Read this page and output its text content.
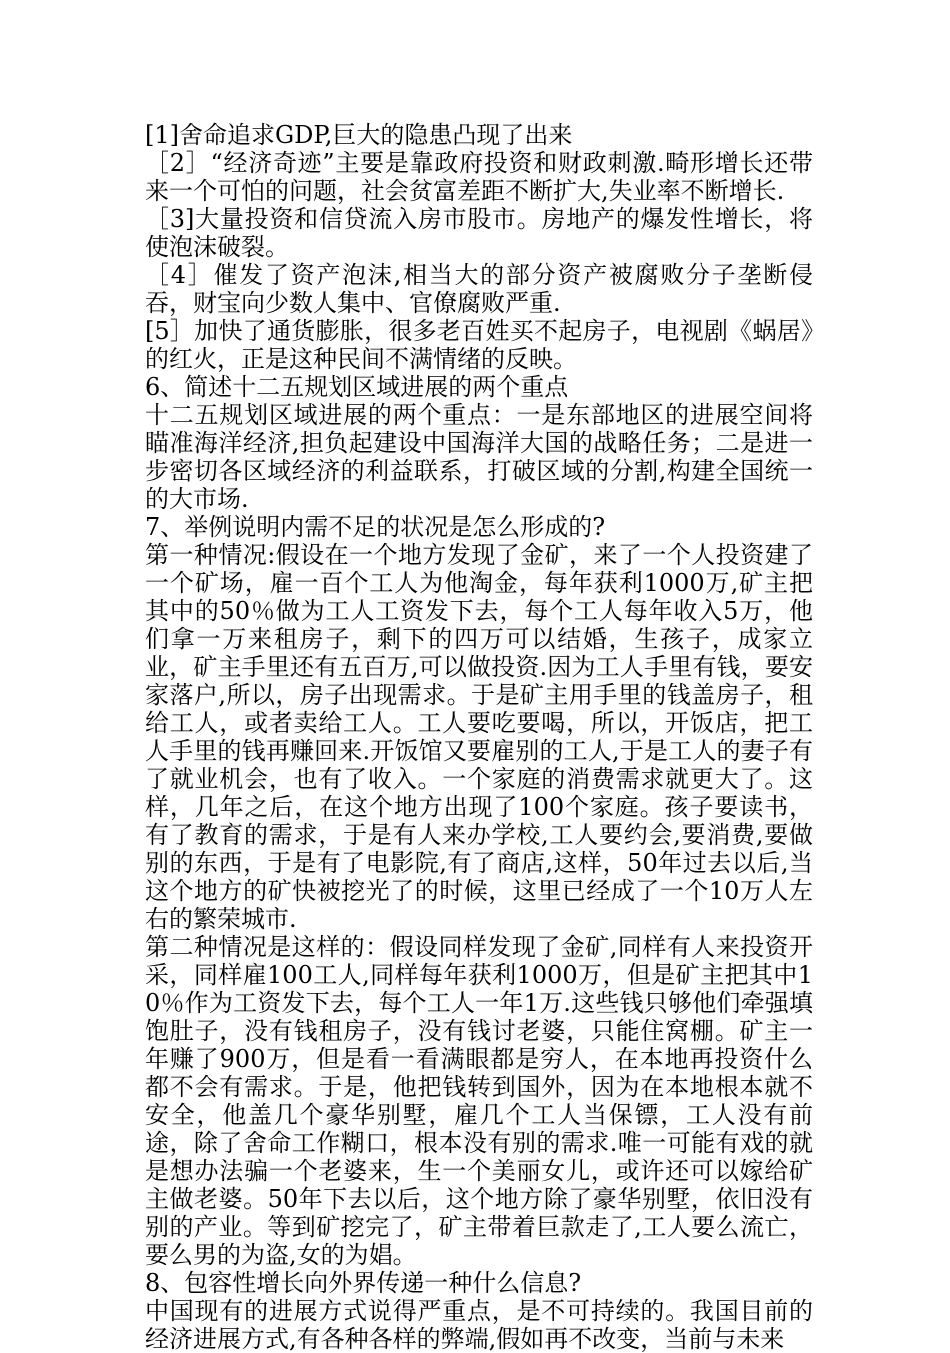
[1]舍命追求GDP,巨大的隐患凸现了出来

［2］“经济奇迹”主要是靠政府投资和财政刺激.畸形增长还带来一个可怕的问题，社会贫富差距不断扩大,失业率不断增长.

［3]大量投资和信贷流入房市股市。房地产的爆发性增长，将使泡沫破裂。

［4］催发了资产泡沫,相当大的部分资产被腐败分子垄断侵吞，财宝向少数人集中、官僚腐败严重.

[5］加快了通货膨胀，很多老百姓买不起房子，电视剧《蜗居》的红火，正是这种民间不满情绪的反映。

6、简述十二五规划区域进展的两个重点

十二五规划区域进展的两个重点：一是东部地区的进展空间将瞄准海洋经济,担负起建设中国海洋大国的战略任务；二是进一步密切各区域经济的利益联系，打破区域的分割,构建全国统一的大市场.

7、举例说明内需不足的状况是怎么形成的?

第一种情况:假设在一个地方发现了金矿，来了一个人投资建了一个矿场，雇一百个工人为他淘金，每年获利1000万,矿主把其中的50％做为工人工资发下去，每个工人每年收入5万，他们拿一万来租房子，剩下的四万可以结婚，生孩子，成家立业，矿主手里还有五百万,可以做投资.因为工人手里有钱，要安家落户,所以，房子出现需求。于是矿主用手里的钱盖房子，租给工人，或者卖给工人。工人要吃要喝，所以，开饭店，把工人手里的钱再赚回来.开饭馆又要雇别的工人,于是工人的妻子有了就业机会，也有了收入。一个家庭的消费需求就更大了。这样，几年之后，在这个地方出现了100个家庭。孩子要读书，有了教育的需求，于是有人来办学校,工人要约会,要消费,要做别的东西，于是有了电影院,有了商店,这样，50年过去以后,当这个地方的矿快被挖光了的时候，这里已经成了一个10万人左右的繁荣城市.

第二种情况是这样的：假设同样发现了金矿,同样有人来投资开采，同样雇100工人,同样每年获利1000万，但是矿主把其中10％作为工资发下去，每个工人一年1万.这些钱只够他们牵强填饱肚子，没有钱租房子，没有钱讨老婆，只能住窝棚。矿主一年赚了900万，但是看一看满眼都是穷人，在本地再投资什么都不会有需求。于是，他把钱转到国外，因为在本地根本就不安全，他盖几个豪华别墅，雇几个工人当保镖，工人没有前途，除了舍命工作糊口，根本没有别的需求.唯一可能有戏的就是想办法骗一个老婆来，生一个美丽女儿，或许还可以嫁给矿主做老婆。50年下去以后，这个地方除了豪华别墅，依旧没有别的产业。等到矿挖完了，矿主带着巨款走了,工人要么流亡，要么男的为盗,女的为娼。

8、包容性增长向外界传递一种什么信息?

中国现有的进展方式说得严重点，是不可持续的。我国目前的经济进展方式,有各种各样的弊端,假如再不改变，当前与未来
